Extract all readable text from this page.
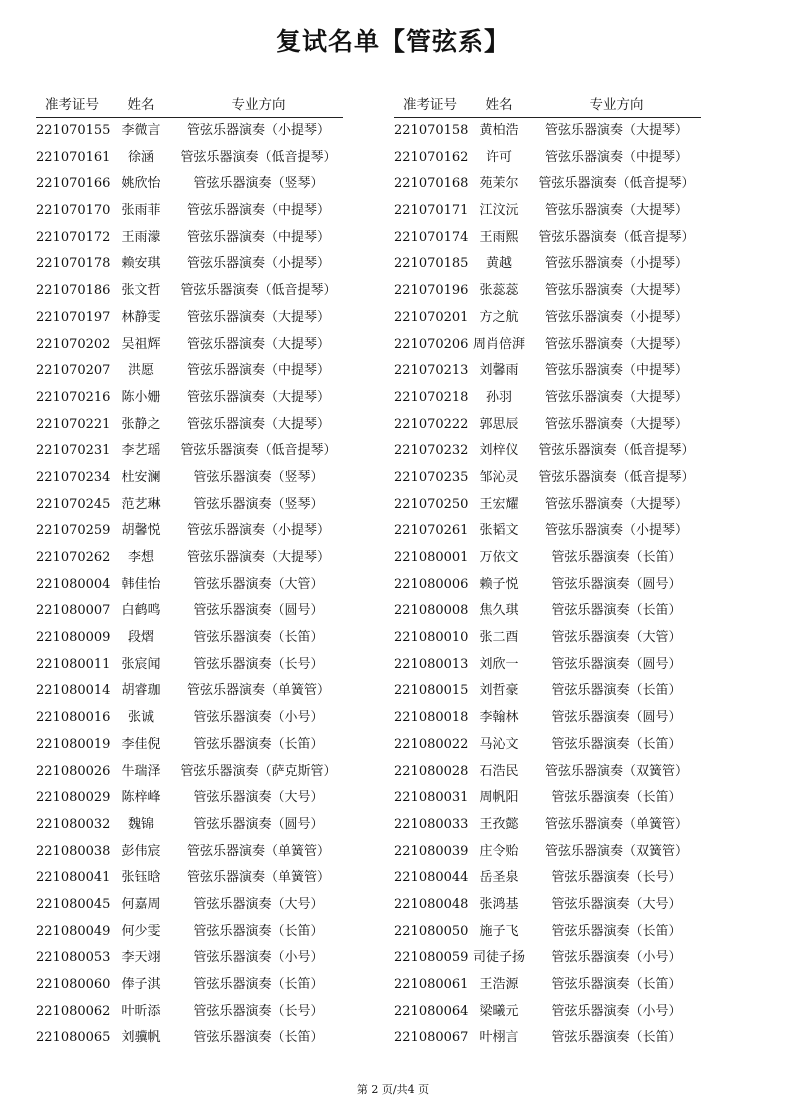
复试名单【管弦系】
准考证号	姓名	专业方向
221070155 李微言	管弦乐器演奏（小提琴）
221070161	徐涵	管弦乐器演奏（低音提琴）
221070166 姚欣怡	管弦乐器演奏（竖琴）
221070170 张雨菲	管弦乐器演奏（中提琴）
221070172 王雨濛	管弦乐器演奏（中提琴）
221070178 赖安琪	管弦乐器演奏（小提琴）
221070186 张文哲	管弦乐器演奏（低音提琴）
221070197 林静雯	管弦乐器演奏（大提琴）
221070202 吴祖辉	管弦乐器演奏（大提琴）
221070207	洪愿	管弦乐器演奏（中提琴）
221070216 陈小姗	管弦乐器演奏（大提琴）
221070221 张静之	管弦乐器演奏（大提琴）
221070231 李艺瑶	管弦乐器演奏（低音提琴）
221070234 杜安澜	管弦乐器演奏（竖琴）
221070245 范艺琳	管弦乐器演奏（竖琴）
221070259 胡馨悦	管弦乐器演奏（小提琴）
221070262	李想	管弦乐器演奏（大提琴）
221080004 韩佳怡	管弦乐器演奏（大管）
221080007 白鹤鸣	管弦乐器演奏（圆号）
221080009	段熠	管弦乐器演奏（长笛）
221080011 张宸闻	管弦乐器演奏（长号）
221080014 胡睿珈	管弦乐器演奏（单簧管）
221080016	张诚	管弦乐器演奏（小号）
221080019 李佳倪	管弦乐器演奏（长笛）
221080026 牛瑞泽	管弦乐器演奏（萨克斯管）
221080029 陈梓峰	管弦乐器演奏（大号）
221080032	魏锦	管弦乐器演奏（圆号）
221080038 彭伟宸	管弦乐器演奏（单簧管）
221080041 张钰晗	管弦乐器演奏（单簧管）
221080045 何嘉周	管弦乐器演奏（大号）
221080049 何少雯	管弦乐器演奏（长笛）
221080053 李天翊	管弦乐器演奏（小号）
221080060 俸子淇	管弦乐器演奏（长笛）
221080062 叶昕添	管弦乐器演奏（长号）
221080065 刘骥帆	管弦乐器演奏（长笛）
准考证号	姓名	专业方向
221070158 黄柏浩	管弦乐器演奏（大提琴）
221070162	许可	管弦乐器演奏（中提琴）
221070168 苑茉尔	管弦乐器演奏（低音提琴）
221070171 江汶沅	管弦乐器演奏（大提琴）
221070174 王雨熙	管弦乐器演奏（低音提琴）
221070185	黄越	管弦乐器演奏（小提琴）
221070196 张蕊蕊	管弦乐器演奏（大提琴）
221070201 方之航	管弦乐器演奏（小提琴）
221070206 周肖倍湃	管弦乐器演奏（大提琴）
221070213 刘馨雨	管弦乐器演奏（中提琴）
221070218	孙羽	管弦乐器演奏（大提琴）
221070222 郭思辰	管弦乐器演奏（大提琴）
221070232 刘梓仪	管弦乐器演奏（低音提琴）
221070235 邹沁灵	管弦乐器演奏（低音提琴）
221070250 王宏耀	管弦乐器演奏（大提琴）
221070261 张韬文	管弦乐器演奏（小提琴）
221080001 万依文	管弦乐器演奏（长笛）
221080006 赖子悦	管弦乐器演奏（圆号）
221080008 焦久琪	管弦乐器演奏（长笛）
221080010 张二酉	管弦乐器演奏（大管）
221080013 刘欣一	管弦乐器演奏（圆号）
221080015 刘哲豪	管弦乐器演奏（长笛）
221080018 李翰林	管弦乐器演奏（圆号）
221080022 马沁文	管弦乐器演奏（长笛）
221080028 石浩民	管弦乐器演奏（双簧管）
221080031 周帆阳	管弦乐器演奏（长笛）
221080033 王孜懿	管弦乐器演奏（单簧管）
221080039 庄令贻	管弦乐器演奏（双簧管）
221080044 岳圣泉	管弦乐器演奏（长号）
221080048 张鸿基	管弦乐器演奏（大号）
221080050 施子飞	管弦乐器演奏（长笛）
221080059 司徒子扬	管弦乐器演奏（小号）
221080061 王浩源	管弦乐器演奏（长笛）
221080064 梁曦元	管弦乐器演奏（小号）
221080067 叶栩言	管弦乐器演奏（长笛）
第 2 页/共4 页
